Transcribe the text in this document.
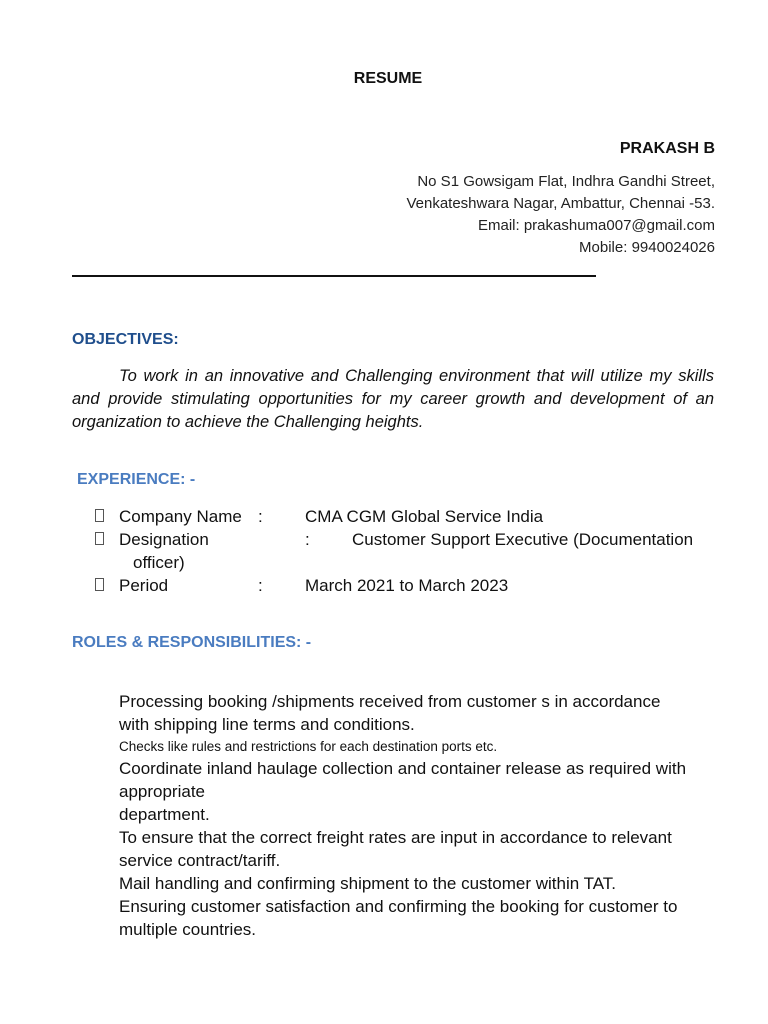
RESUME
PRAKASH B
No S1 Gowsigam Flat, Indhra Gandhi Street,
Venkateshwara Nagar, Ambattur, Chennai -53.
Email: prakashuma007@gmail.com
Mobile: 9940024026
OBJECTIVES:
To work in an innovative and Challenging environment that will utilize my skills and provide stimulating opportunities for my career growth and development of an organization to achieve the Challenging heights.
EXPERIENCE: -
Company Name : CMA CGM Global Service India
Designation	: Customer Support Executive (Documentation
officer)
Period	: March 2021 to March 2023
ROLES & RESPONSIBILITIES: -
Processing booking /shipments received from customer s in accordance
with shipping line terms and conditions.
Checks like rules and restrictions for each destination ports etc.
Coordinate inland haulage collection and container release as required with
appropriate
department.
To ensure that the correct freight rates are input in accordance to relevant
service contract/tariff.
Mail handling and confirming shipment to the customer within TAT.
Ensuring customer satisfaction and confirming the booking for customer to
multiple countries.
